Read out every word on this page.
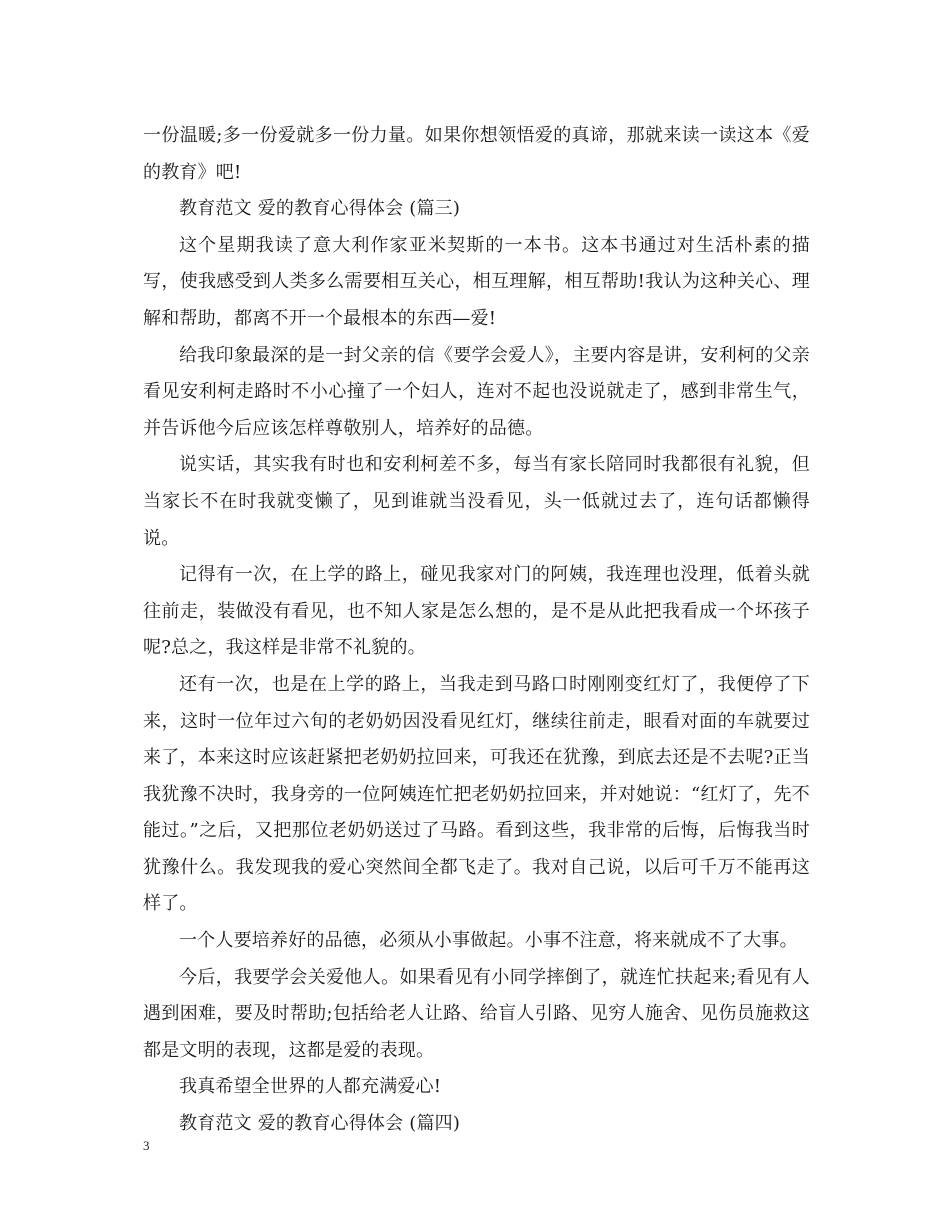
一份温暖;多一份爱就多一份力量。如果你想领悟爱的真谛，那就来读一读这本《爱的教育》吧!

教育范文 爱的教育心得体会 (篇三)

这个星期我读了意大利作家亚米契斯的一本书。这本书通过对生活朴素的描写，使我感受到人类多么需要相互关心，相互理解，相互帮助!我认为这种关心、理解和帮助，都离不开一个最根本的东西—爱!

给我印象最深的是一封父亲的信《要学会爱人》，主要内容是讲，安利柯的父亲看见安利柯走路时不小心撞了一个妇人，连对不起也没说就走了，感到非常生气，并告诉他今后应该怎样尊敬别人，培养好的品德。

说实话，其实我有时也和安利柯差不多，每当有家长陪同时我都很有礼貌，但当家长不在时我就变懒了，见到谁就当没看见，头一低就过去了，连句话都懒得说。

记得有一次，在上学的路上，碰见我家对门的阿姨，我连理也没理，低着头就往前走，装做没有看见，也不知人家是怎么想的，是不是从此把我看成一个坏孩子呢?总之，我这样是非常不礼貌的。

还有一次，也是在上学的路上，当我走到马路口时刚刚变红灯了，我便停了下来，这时一位年过六旬的老奶奶因没看见红灯，继续往前走，眼看对面的车就要过来了，本来这时应该赶紧把老奶奶拉回来，可我还在犹豫，到底去还是不去呢?正当我犹豫不决时，我身旁的一位阿姨连忙把老奶奶拉回来，并对她说：“红灯了，先不能过。”之后，又把那位老奶奶送过了马路。看到这些，我非常的后悔，后悔我当时犹豫什么。我发现我的爱心突然间全都飞走了。我对自己说，以后可千万不能再这样了。

一个人要培养好的品德，必须从小事做起。小事不注意，将来就成不了大事。

今后，我要学会关爱他人。如果看见有小同学摔倒了，就连忙扶起来;看见有人遇到困难，要及时帮助;包括给老人让路、给盲人引路、见穷人施舍、见伤员施救这都是文明的表现，这都是爱的表现。

我真希望全世界的人都充满爱心!

教育范文 爱的教育心得体会 (篇四)

3
